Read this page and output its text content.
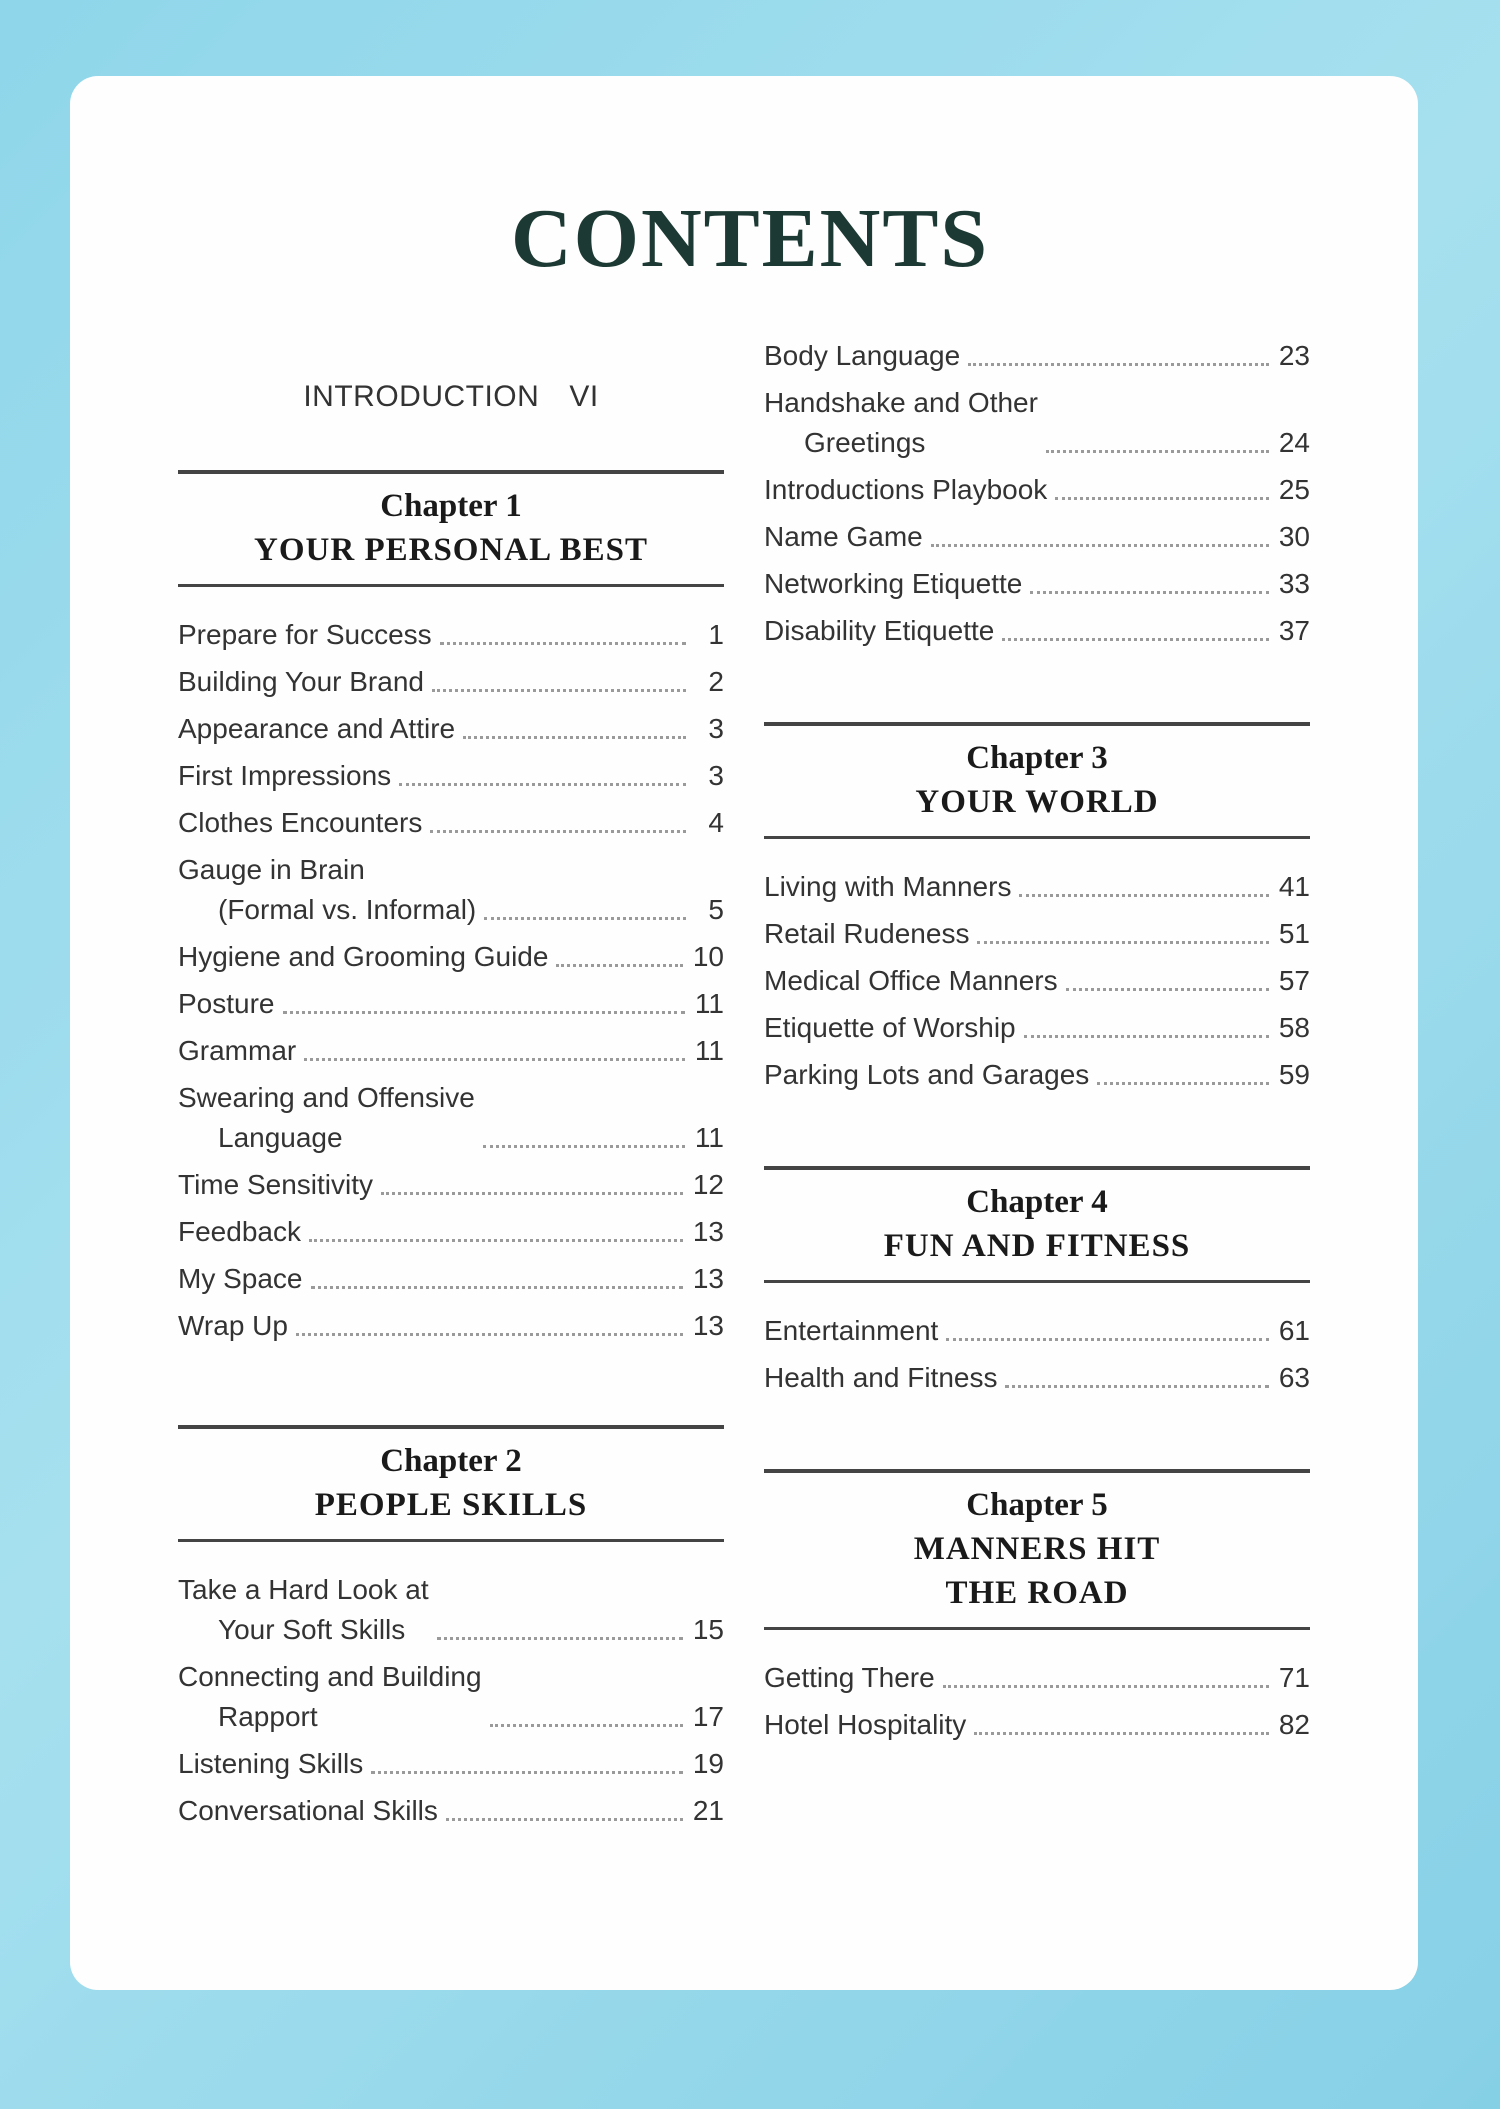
CONTENTS
INTRODUCTION VI
Chapter 1
YOUR PERSONAL BEST
Prepare for Success	1
Building Your Brand	2
Appearance and Attire	3
First Impressions	3
Clothes Encounters	4
Gauge in Brain
(Formal vs. Informal)	5
Hygiene and Grooming Guide	10
Posture	11
Grammar	11
Swearing and Offensive
Language	11
Time Sensitivity	12
Feedback	13
My Space	13
Wrap Up	13
Chapter 2
PEOPLE SKILLS
Take a Hard Look at
Your Soft Skills	15
Connecting and Building
Rapport	17
Listening Skills	19
Conversational Skills	21
Body Language	23
Handshake and Other
Greetings	24
Introductions Playbook	25
Name Game	30
Networking Etiquette	33
Disability Etiquette	37
Chapter 3
YOUR WORLD
Living with Manners	41
Retail Rudeness	51
Medical Office Manners	57
Etiquette of Worship	58
Parking Lots and Garages	59
Chapter 4
FUN AND FITNESS
Entertainment	61
Health and Fitness	63
Chapter 5
MANNERS HIT THE ROAD
Getting There	71
Hotel Hospitality	82
